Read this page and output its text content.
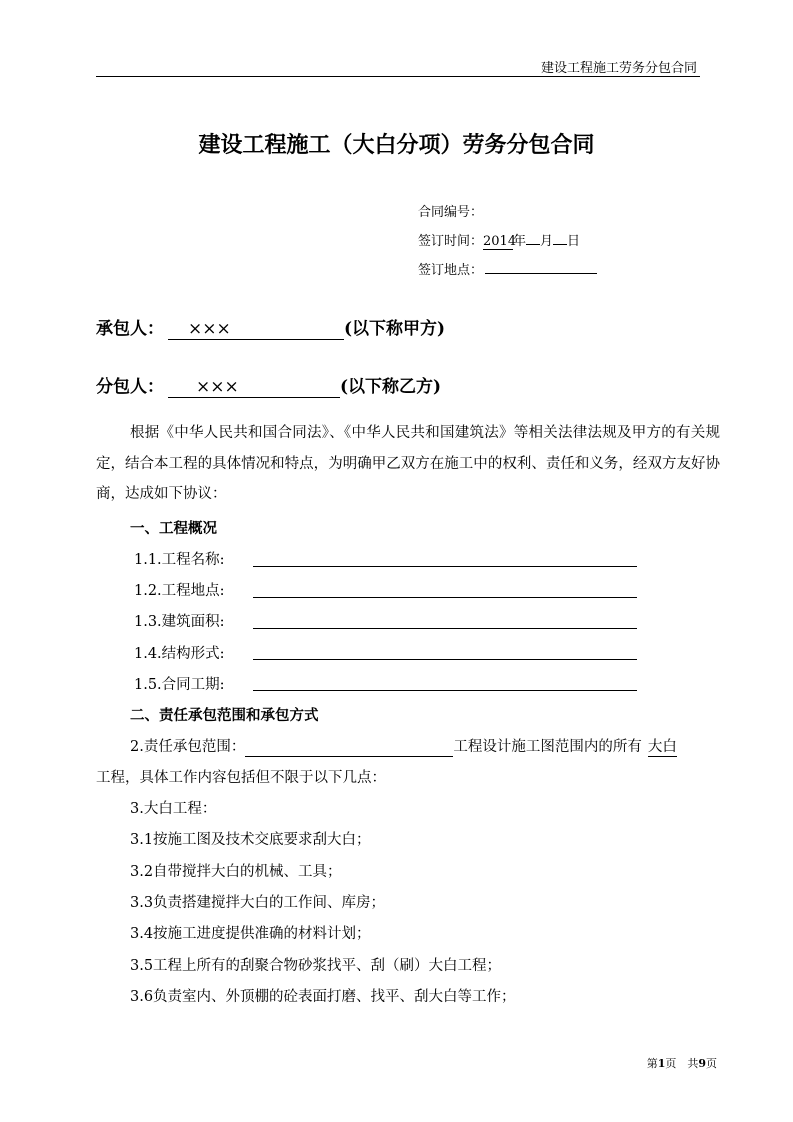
建设工程施工劳务分包合同
建设工程施工（大白分项）劳务分包合同
合同编号：
签订时间：2014年 月 日
签订地点：
承包人： ×××	(以下称甲方)
分包人： ×××	(以下称乙方)
根据《中华人民共和国合同法》、《中华人民共和国建筑法》等相关法律法规及甲方的有关规定，结合本工程的具体情况和特点，为明确甲乙双方在施工中的权利、责任和义务，经双方友好协商，达成如下协议：
一、工程概况
1.1.工程名称:
1.2.工程地点:
1.3.建筑面积:
1.4.结构形式:
1.5.合同工期:
二、责任承包范围和承包方式
2.责任承包范围：	工程设计施工图范围内的所有 大白
工程，具体工作内容包括但不限于以下几点：
3.大白工程：
3.1按施工图及技术交底要求刮大白；
3.2自带搅拌大白的机械、工具；
3.3负责搭建搅拌大白的工作间、库房；
3.4按施工进度提供准确的材料计划；
3.5工程上所有的刮聚合物砂浆找平、刮（刷）大白工程；
3.6负责室内、外顶棚的砼表面打磨、找平、刮大白等工作；
第1页　共9页
